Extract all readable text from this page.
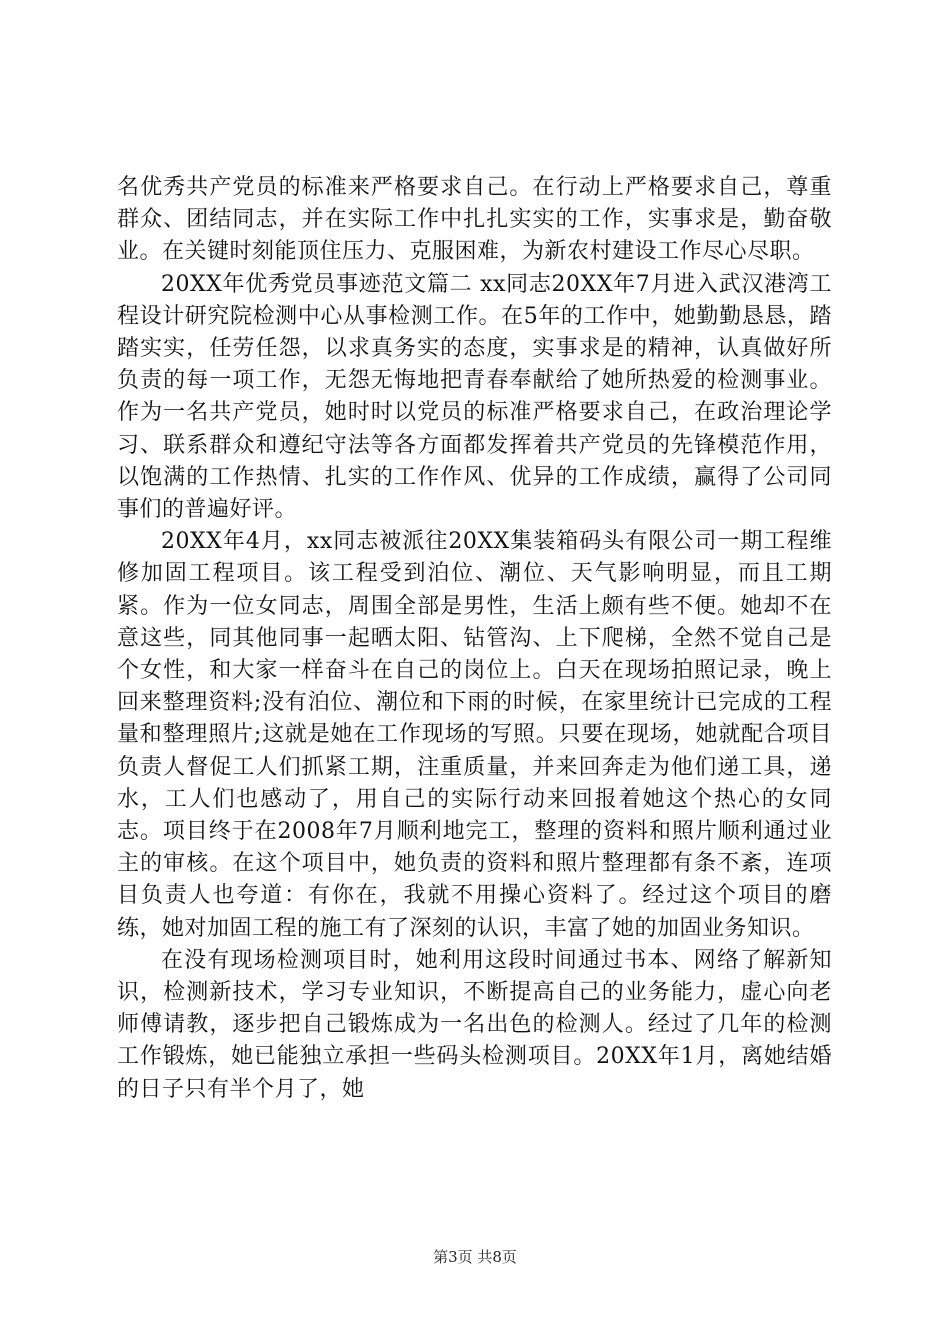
名优秀共产党员的标准来严格要求自己。在行动上严格要求自己，尊重群众、团结同志，并在实际工作中扎扎实实的工作，实事求是，勤奋敬业。在关键时刻能顶住压力、克服困难，为新农村建设工作尽心尽职。

20XX年优秀党员事迹范文篇二 xx同志20XX年7月进入武汉港湾工程设计研究院检测中心从事检测工作。在5年的工作中，她勤勤恳恳，踏踏实实，任劳任怨，以求真务实的态度，实事求是的精神，认真做好所负责的每一项工作，无怨无悔地把青春奉献给了她所热爱的检测事业。作为一名共产党员，她时时以党员的标准严格要求自己，在政治理论学习、联系群众和遵纪守法等各方面都发挥着共产党员的先锋模范作用，以饱满的工作热情、扎实的工作作风、优异的工作成绩，赢得了公司同事们的普遍好评。

20XX年4月，xx同志被派往20XX集装箱码头有限公司一期工程维修加固工程项目。该工程受到泊位、潮位、天气影响明显，而且工期紧。作为一位女同志，周围全部是男性，生活上颇有些不便。她却不在意这些，同其他同事一起晒太阳、钻管沟、上下爬梯，全然不觉自己是个女性，和大家一样奋斗在自己的岗位上。白天在现场拍照记录，晚上回来整理资料;没有泊位、潮位和下雨的时候，在家里统计已完成的工程量和整理照片;这就是她在工作现场的写照。只要在现场，她就配合项目负责人督促工人们抓紧工期，注重质量，并来回奔走为他们递工具，递水，工人们也感动了，用自己的实际行动来回报着她这个热心的女同志。项目终于在2008年7月顺利地完工，整理的资料和照片顺利通过业主的审核。在这个项目中，她负责的资料和照片整理都有条不紊，连项目负责人也夸道：有你在，我就不用操心资料了。经过这个项目的磨练，她对加固工程的施工有了深刻的认识，丰富了她的加固业务知识。

在没有现场检测项目时，她利用这段时间通过书本、网络了解新知识，检测新技术，学习专业知识，不断提高自己的业务能力，虚心向老师傅请教，逐步把自己锻炼成为一名出色的检测人。经过了几年的检测工作锻炼，她已能独立承担一些码头检测项目。20XX年1月，离她结婚的日子只有半个月了，她

第3页 共8页
